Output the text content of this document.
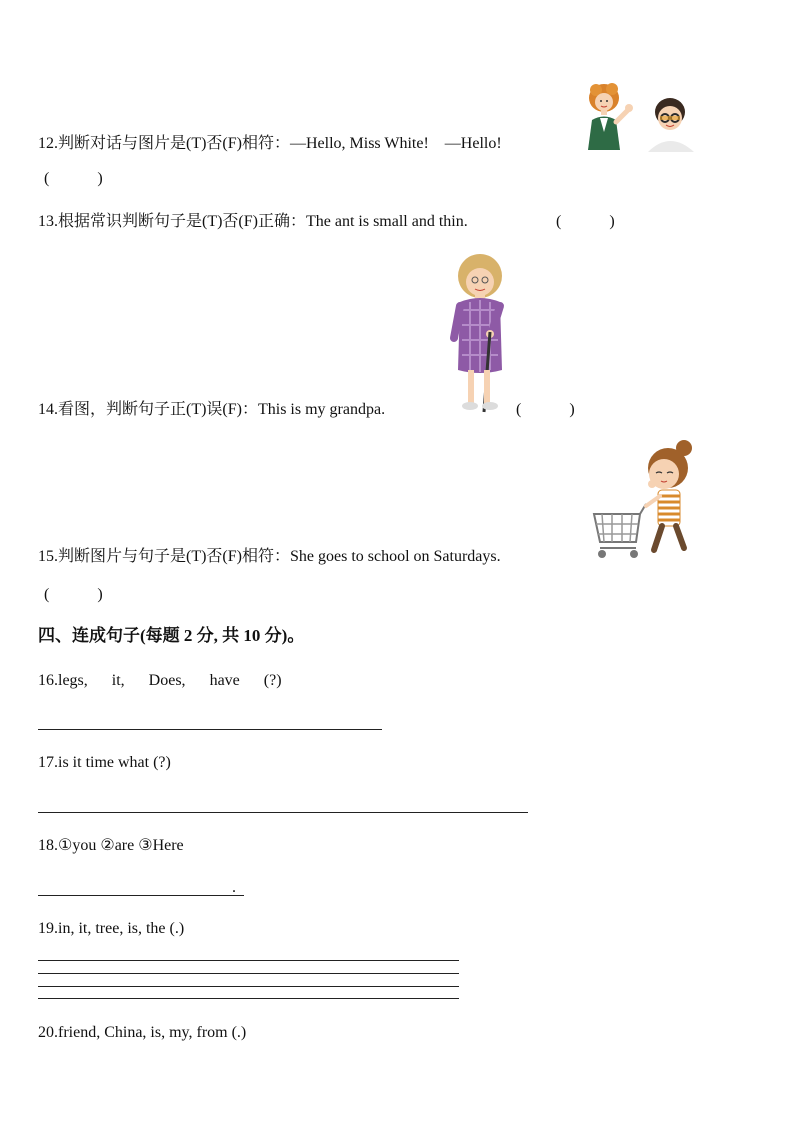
12.判断对话与图片是(T)否(F)相符：—Hello, Miss White!　—Hello!
(　　　)
13.根据常识判断句子是(T)否(F)正确：The ant is small and thin.	(　　　)
14.看图，判断句子正(T)误(F)：This is my grandpa.	(　　　)
15.判断图片与句子是(T)否(F)相符：She goes to school on Saturdays.
(　　　)
四、连成句子(每题 2 分, 共 10 分)。
16.legs, it, Does, have (?)
17.is it time what (?)
18.①you ②are ③Here
.
19.in, it, tree, is, the (.)
20.friend, China, is, my, from (.)
